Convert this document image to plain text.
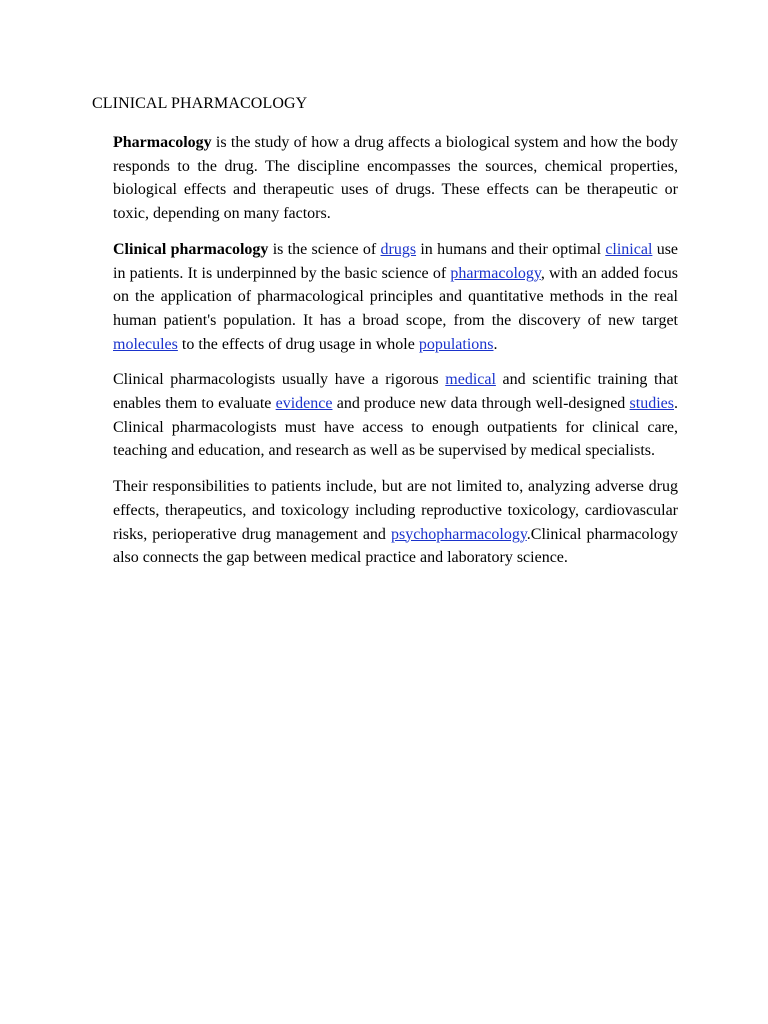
CLINICAL PHARMACOLOGY

Pharmacology is the study of how a drug affects a biological system and how the body responds to the drug. The discipline encompasses the sources, chemical properties, biological effects and therapeutic uses of drugs. These effects can be therapeutic or toxic, depending on many factors.

Clinical pharmacology is the science of drugs in humans and their optimal clinical use in patients. It is underpinned by the basic science of pharmacology, with an added focus on the application of pharmacological principles and quantitative methods in the real human patient's population. It has a broad scope, from the discovery of new target molecules to the effects of drug usage in whole populations.

Clinical pharmacologists usually have a rigorous medical and scientific training that enables them to evaluate evidence and produce new data through well-designed studies. Clinical pharmacologists must have access to enough outpatients for clinical care, teaching and education, and research as well as be supervised by medical specialists.

Their responsibilities to patients include, but are not limited to, analyzing adverse drug effects, therapeutics, and toxicology including reproductive toxicology, cardiovascular risks, perioperative drug management and psychopharmacology.Clinical pharmacology also connects the gap between medical practice and laboratory science.
